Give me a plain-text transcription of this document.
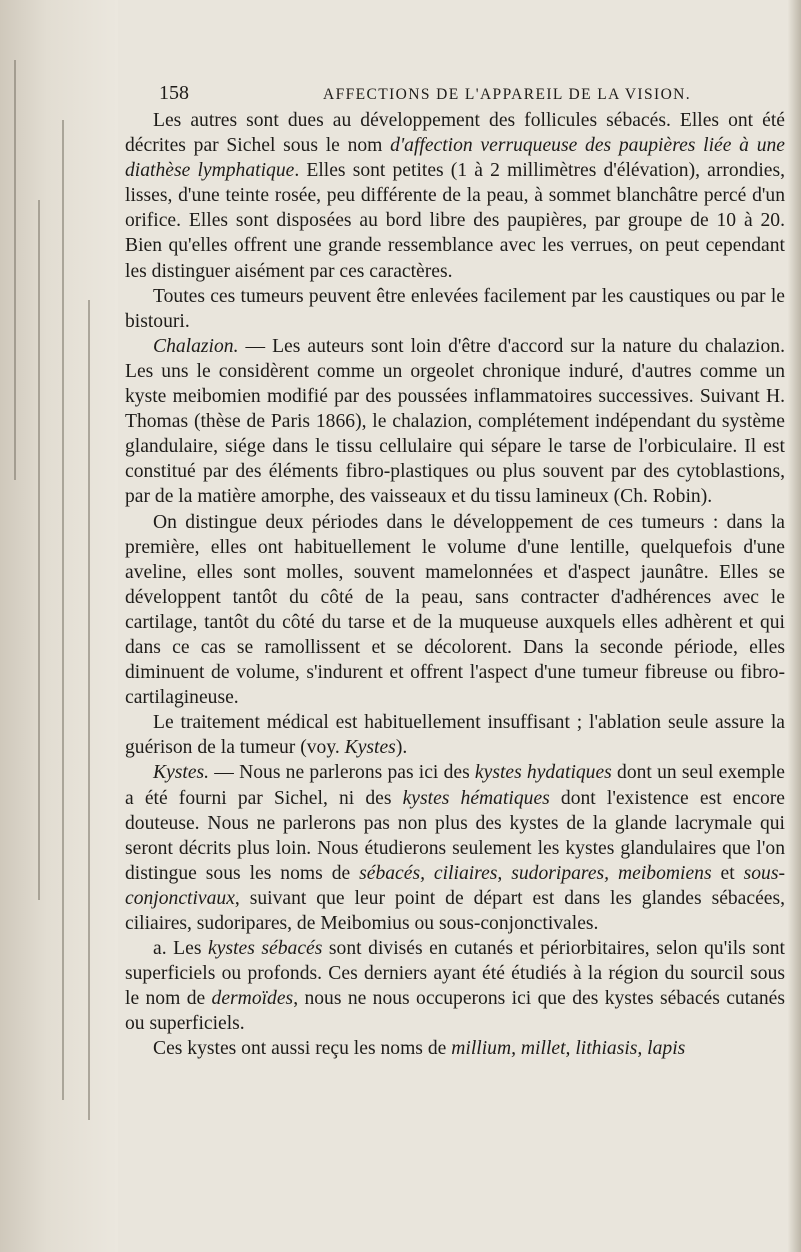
158	AFFECTIONS DE L'APPAREIL DE LA VISION.

Les autres sont dues au développement des follicules sébacés. Elles ont été décrites par Sichel sous le nom d'affection verruqueuse des paupières liée à une diathèse lymphatique. Elles sont petites (1 à 2 millimètres d'élévation), arrondies, lisses, d'une teinte rosée, peu différente de la peau, à sommet blanchâtre percé d'un orifice. Elles sont disposées au bord libre des paupières, par groupe de 10 à 20. Bien qu'elles offrent une grande ressemblance avec les verrues, on peut cependant les distinguer aisément par ces caractères.

Toutes ces tumeurs peuvent être enlevées facilement par les caustiques ou par le bistouri.

Chalazion. — Les auteurs sont loin d'être d'accord sur la nature du chalazion. Les uns le considèrent comme un orgeolet chronique induré, d'autres comme un kyste meibomien modifié par des poussées inflammatoires successives. Suivant H. Thomas (thèse de Paris 1866), le chalazion, complétement indépendant du système glandulaire, siége dans le tissu cellulaire qui sépare le tarse de l'orbiculaire. Il est constitué par des éléments fibro-plastiques ou plus souvent par des cytoblastions, par de la matière amorphe, des vaisseaux et du tissu lamineux (Ch. Robin).

On distingue deux périodes dans le développement de ces tumeurs : dans la première, elles ont habituellement le volume d'une lentille, quelquefois d'une aveline, elles sont molles, souvent mamelonnées et d'aspect jaunâtre. Elles se développent tantôt du côté de la peau, sans contracter d'adhérences avec le cartilage, tantôt du côté du tarse et de la muqueuse auxquels elles adhèrent et qui dans ce cas se ramollissent et se décolorent. Dans la seconde période, elles diminuent de volume, s'indurent et offrent l'aspect d'une tumeur fibreuse ou fibro-cartilagineuse.

Le traitement médical est habituellement insuffisant ; l'ablation seule assure la guérison de la tumeur (voy. Kystes).

Kystes. — Nous ne parlerons pas ici des kystes hydatiques dont un seul exemple a été fourni par Sichel, ni des kystes hématiques dont l'existence est encore douteuse. Nous ne parlerons pas non plus des kystes de la glande lacrymale qui seront décrits plus loin. Nous étudierons seulement les kystes glandulaires que l'on distingue sous les noms de sébacés, ciliaires, sudoripares, meibomiens et sous-conjonctivaux, suivant que leur point de départ est dans les glandes sébacées, ciliaires, sudoripares, de Meibomius ou sous-conjonctivales.

a. Les kystes sébacés sont divisés en cutanés et périorbitaires, selon qu'ils sont superficiels ou profonds. Ces derniers ayant été étudiés à la région du sourcil sous le nom de dermoïdes, nous ne nous occuperons ici que des kystes sébacés cutanés ou superficiels.

Ces kystes ont aussi reçu les noms de millium, millet, lithiasis, lapis
